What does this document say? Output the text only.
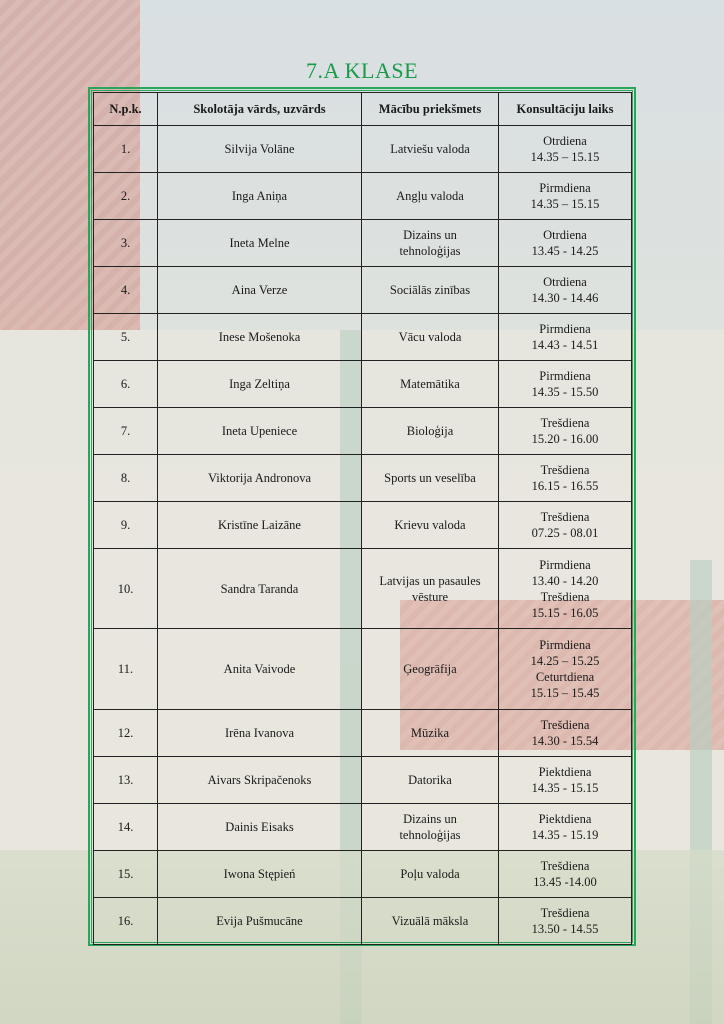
7.A KLASE
N.p.k.	Skolotāja vārds, uzvārds	Mācību priekšmets	Konsultāciju laiks
1.	Silvija Volāne	Latviešu valoda	Otrdiena
14.35 – 15.15

2.	Inga Aniņa	Angļu valoda	Pirmdiena
14.35 – 15.15

3.	Ineta Melne	Dizains un
tehnoloģijas	Otrdiena
13.45 - 14.25

4.	Aina Verze	Sociālās zinības	Otrdiena
14.30 - 14.46

5.	Inese Mošenoka	Vācu valoda	Pirmdiena
14.43 - 14.51

6.	Inga Zeltiņa	Matemātika	Pirmdiena
14.35 - 15.50

7.	Ineta Upeniece	Bioloģija	Trešdiena
15.20 - 16.00

8.	Viktorija Andronova	Sports un veselība	Trešdiena
16.15 - 16.55

9.	Kristīne Laizāne	Krievu valoda	Trešdiena
07.25 - 08.01

10.	Sandra Taranda	Latvijas un pasaules
vēsture	Pirmdiena
13.40 - 14.20
Trešdiena
15.15 - 16.05

11.	Anita Vaivode	Ģeogrāfija	Pirmdiena
14.25 – 15.25
Ceturtdiena
15.15 – 15.45

12.	Irēna Ivanova	Mūzika	Trešdiena
14.30 - 15.54

13.	Aivars Skripačenoks	Datorika	Piektdiena
14.35 - 15.15

14.	Dainis Eisaks	Dizains un
tehnoloģijas	Piektdiena
14.35 - 15.19

15.	Iwona Stępień	Poļu valoda	Trešdiena
13.45 -14.00

16.	Evija Pušmucāne	Vizuālā māksla	Trešdiena
13.50 - 14.55
